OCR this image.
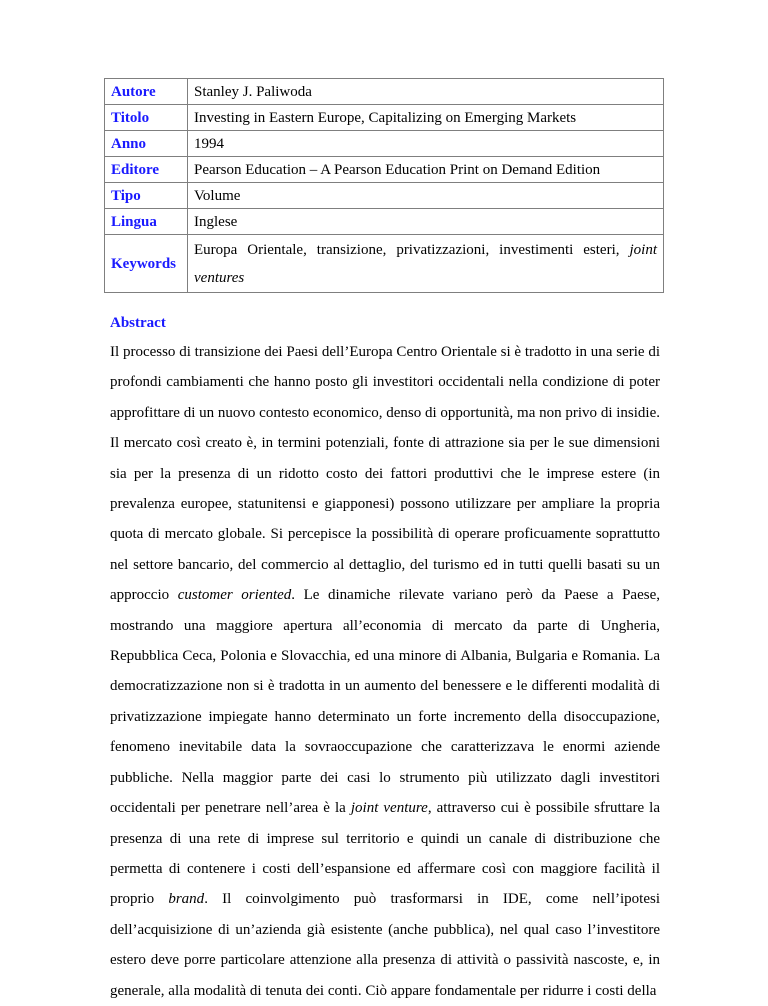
Autore	Stanley J. Paliwoda
Titolo	Investing in Eastern Europe, Capitalizing on Emerging Markets
Anno	1994
Editore	Pearson Education – A Pearson Education Print on Demand Edition
Tipo	Volume
Lingua	Inglese
Keywords	Europa Orientale, transizione, privatizzazioni, investimenti esteri, joint ventures
Abstract

Il processo di transizione dei Paesi dell’Europa Centro Orientale si è tradotto in una serie di profondi cambiamenti che hanno posto gli investitori occidentali nella condizione di poter approfittare di un nuovo contesto economico, denso di opportunità, ma non privo di insidie. Il mercato così creato è, in termini potenziali, fonte di attrazione sia per le sue dimensioni sia per la presenza di un ridotto costo dei fattori produttivi che le imprese estere (in prevalenza europee, statunitensi e giapponesi) possono utilizzare per ampliare la propria quota di mercato globale. Si percepisce la possibilità di operare proficuamente soprattutto nel settore bancario, del commercio al dettaglio, del turismo ed in tutti quelli basati su un approccio customer oriented. Le dinamiche rilevate variano però da Paese a Paese, mostrando una maggiore apertura all’economia di mercato da parte di Ungheria, Repubblica Ceca, Polonia e Slovacchia, ed una minore di Albania, Bulgaria e Romania. La democratizzazione non si è tradotta in un aumento del benessere e le differenti modalità di privatizzazione impiegate hanno determinato un forte incremento della disoccupazione, fenomeno inevitabile data la sovraoccupazione che caratterizzava le enormi aziende pubbliche. Nella maggior parte dei casi lo strumento più utilizzato dagli investitori occidentali per penetrare nell’area è la joint venture, attraverso cui è possibile sfruttare la presenza di una rete di imprese sul territorio e quindi un canale di distribuzione che permetta di contenere i costi dell’espansione ed affermare così con maggiore facilità il proprio brand. Il coinvolgimento può trasformarsi in IDE, come nell’ipotesi dell’acquisizione di un’azienda già esistente (anche pubblica), nel qual caso l’investitore estero deve porre particolare attenzione alla presenza di attività o passività nascoste, e, in generale, alla modalità di tenuta dei conti. Ciò appare fondamentale per ridurre i costi della
